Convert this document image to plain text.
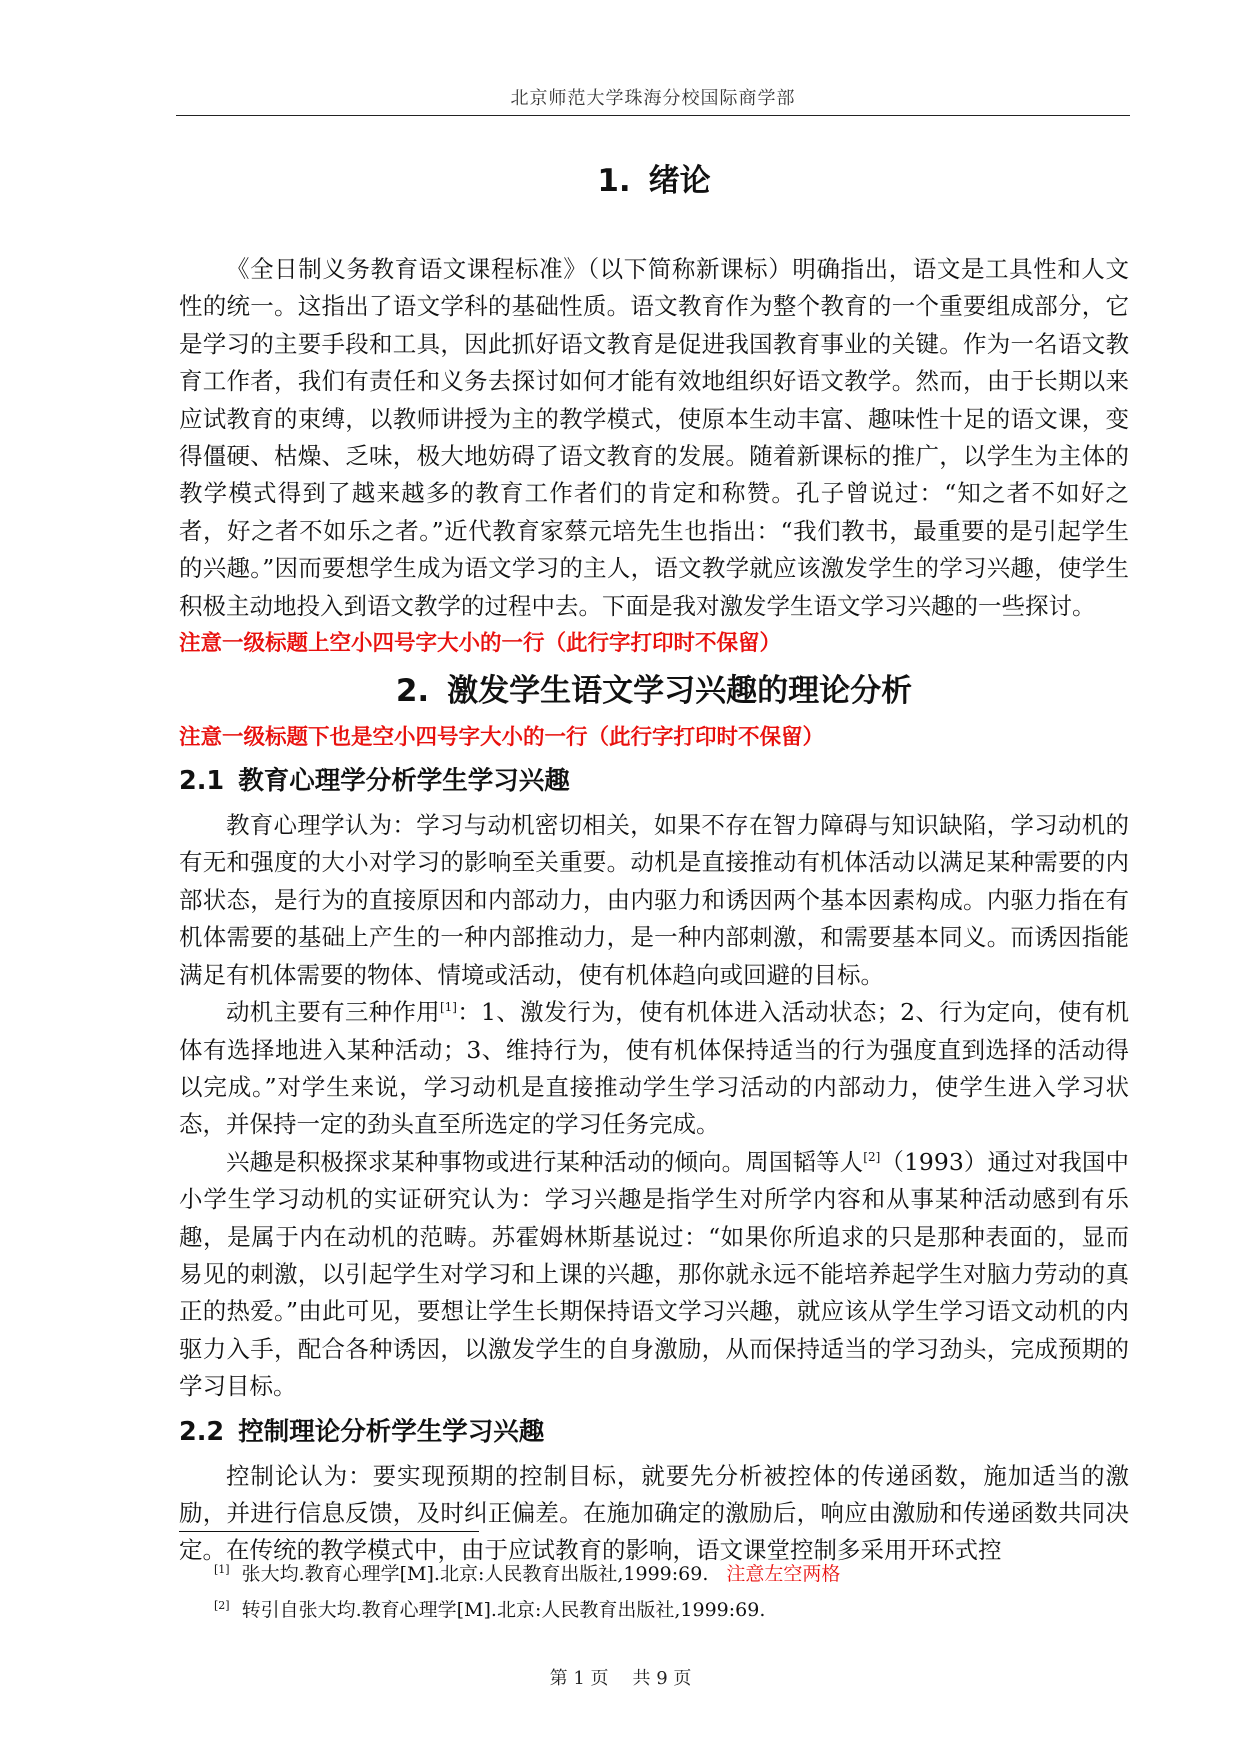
北京师范大学珠海分校国际商学部
1. 绪论

《全日制义务教育语文课程标准》（以下简称新课标）明确指出，语文是工具性和人文性的统一。这指出了语文学科的基础性质。语文教育作为整个教育的一个重要组成部分，它是学习的主要手段和工具，因此抓好语文教育是促进我国教育事业的关键。作为一名语文教育工作者，我们有责任和义务去探讨如何才能有效地组织好语文教学。然而，由于长期以来应试教育的束缚，以教师讲授为主的教学模式，使原本生动丰富、趣味性十足的语文课，变得僵硬、枯燥、乏味，极大地妨碍了语文教育的发展。随着新课标的推广，以学生为主体的教学模式得到了越来越多的教育工作者们的肯定和称赞。孔子曾说过：“知之者不如好之者，好之者不如乐之者。”近代教育家蔡元培先生也指出：“我们教书，最重要的是引起学生的兴趣。”因而要想学生成为语文学习的主人，语文教学就应该激发学生的学习兴趣，使学生积极主动地投入到语文教学的过程中去。下面是我对激发学生语文学习兴趣的一些探讨。

注意一级标题上空小四号字大小的一行（此行字打印时不保留）

2. 激发学生语文学习兴趣的理论分析

注意一级标题下也是空小四号字大小的一行（此行字打印时不保留）

2.1 教育心理学分析学生学习兴趣

教育心理学认为：学习与动机密切相关，如果不存在智力障碍与知识缺陷，学习动机的有无和强度的大小对学习的影响至关重要。动机是直接推动有机体活动以满足某种需要的内部状态，是行为的直接原因和内部动力，由内驱力和诱因两个基本因素构成。内驱力指在有机体需要的基础上产生的一种内部推动力，是一种内部刺激，和需要基本同义。而诱因指能满足有机体需要的物体、情境或活动，使有机体趋向或回避的目标。

动机主要有三种作用[1]：1、激发行为，使有机体进入活动状态；2、行为定向，使有机体有选择地进入某种活动；3、维持行为，使有机体保持适当的行为强度直到选择的活动得以完成。”对学生来说，学习动机是直接推动学生学习活动的内部动力，使学生进入学习状态，并保持一定的劲头直至所选定的学习任务完成。

兴趣是积极探求某种事物或进行某种活动的倾向。周国韬等人[2]（1993）通过对我国中小学生学习动机的实证研究认为：学习兴趣是指学生对所学内容和从事某种活动感到有乐趣，是属于内在动机的范畴。苏霍姆林斯基说过：“如果你所追求的只是那种表面的，显而易见的刺激，以引起学生对学习和上课的兴趣，那你就永远不能培养起学生对脑力劳动的真正的热爱。”由此可见，要想让学生长期保持语文学习兴趣，就应该从学生学习语文动机的内驱力入手，配合各种诱因，以激发学生的自身激励，从而保持适当的学习劲头，完成预期的学习目标。

2.2 控制理论分析学生学习兴趣

控制论认为：要实现预期的控制目标，就要先分析被控体的传递函数，施加适当的激励，并进行信息反馈，及时纠正偏差。在施加确定的激励后，响应由激励和传递函数共同决定。在传统的教学模式中，由于应试教育的影响，语文课堂控制多采用开环式控

[1] 张大均.教育心理学[M].北京:人民教育出版社,1999:69. 注意左空两格

[2] 转引自张大均.教育心理学[M].北京:人民教育出版社,1999:69.

第 1 页 共 9 页
